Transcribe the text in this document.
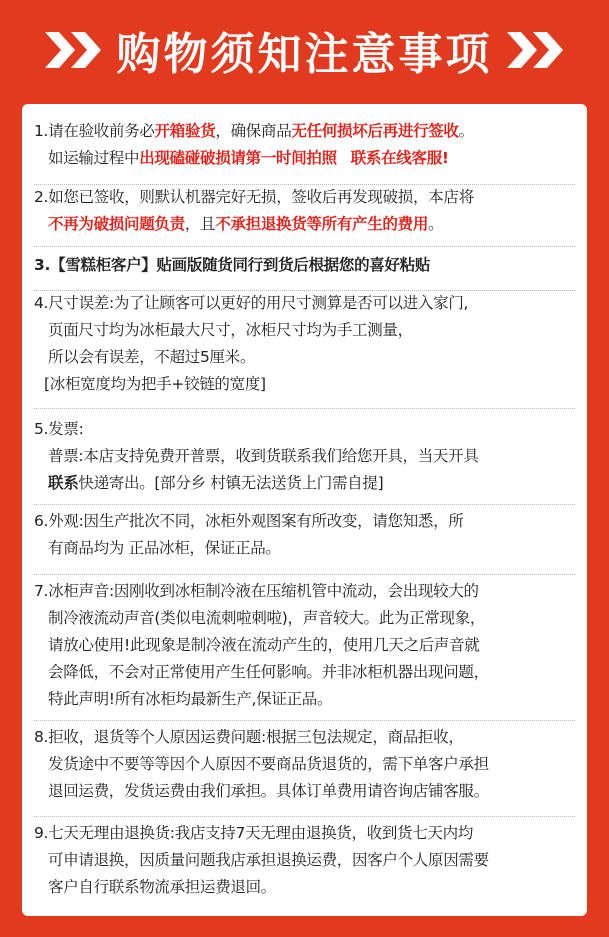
购物须知注意事项
1.请在验收前务必开箱验货，确保商品无任何损坏后再进行签收。
如运输过程中出现磕碰破损请第一时间拍照 联系在线客服!
2.如您已签收，则默认机器完好无损，签收后再发现破损，本店将
不再为破损问题负责，且不承担退换货等所有产生的费用。
3.【雪糕柜客户】贴画版随货同行到货后根据您的喜好粘贴
4.尺寸误差:为了让顾客可以更好的用尺寸测算是否可以进入家门,
页面尺寸均为冰柜最大尺寸，冰柜尺寸均为手工测量，
所以会有误差，不超过5厘米。
[冰柜宽度均为把手+铰链的宽度]
5.发票:
普票:本店支持免费开普票，收到货联系我们给您开具，当天开具
联系快递寄出。[部分乡 村镇无法送货上门需自提]
6.外观:因生产批次不同，冰柜外观图案有所改变，请您知悉，所
有商品均为 正品冰柜，保证正品。
7.冰柜声音:因刚收到冰柜制冷液在压缩机管中流动，会出现较大的
制冷液流动声音(类似电流刺啦刺啦)，声音较大。此为正常现象，
请放心使用!此现象是制冷液在流动产生的，使用几天之后声音就
会降低，不会对正常使用产生任何影响。并非冰柜机器出现问题，
特此声明!所有冰柜均最新生产,保证正品。
8.拒收，退货等个人原因运费问题:根据三包法规定，商品拒收，
发货途中不要等等因个人原因不要商品货退货的，需下单客户承担
退回运费，发货运费由我们承担。具体订单费用请咨询店铺客服。
9.七天无理由退换货:我店支持7天无理由退换货，收到货七天内均
可申请退换，因质量问题我店承担退换运费，因客户个人原因需要
客户自行联系物流承担运费退回。
